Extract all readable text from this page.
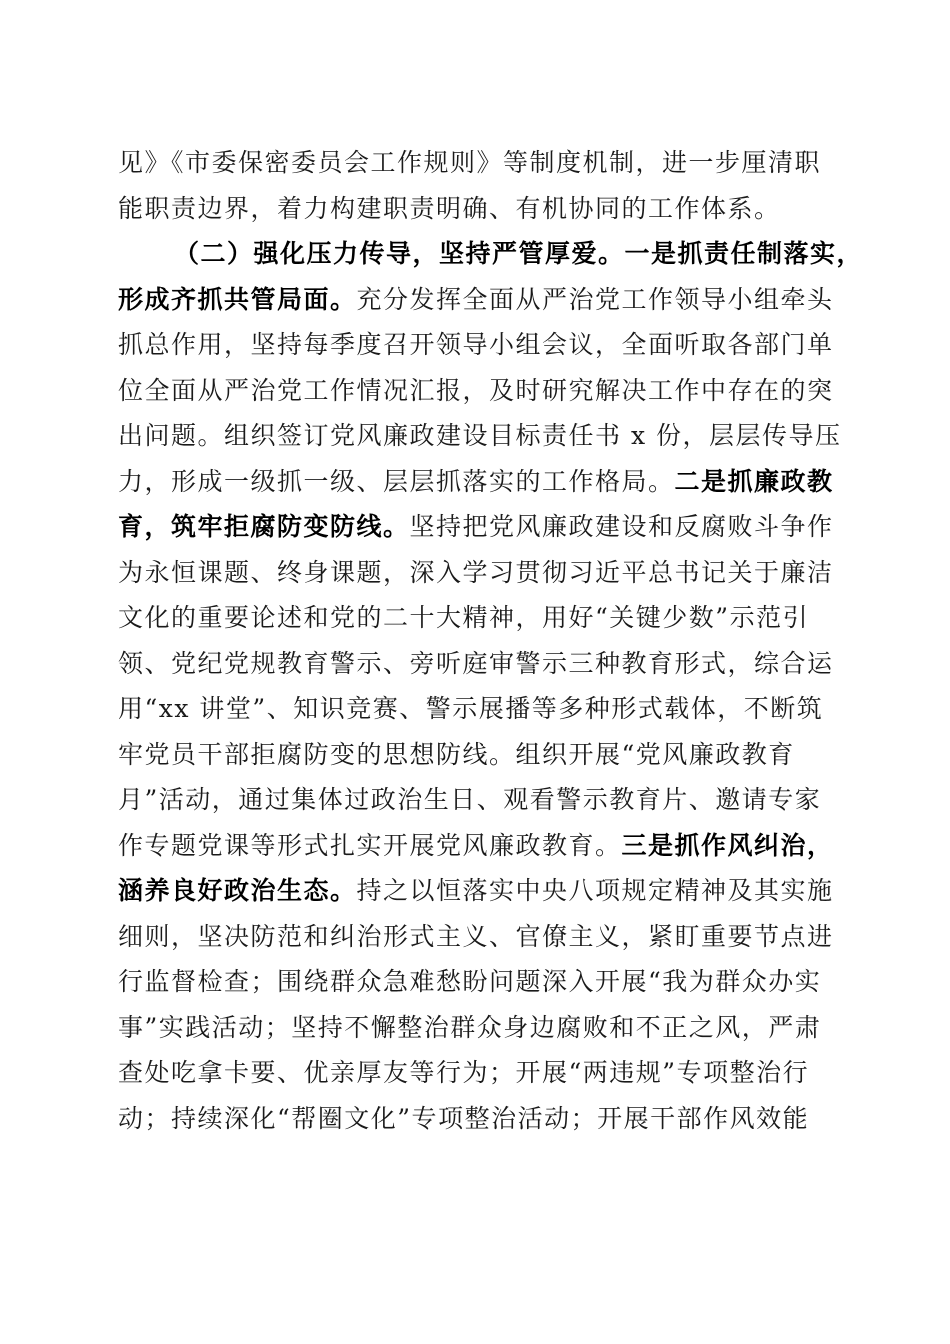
见》《市委保密委员会工作规则》等制度机制，进一步厘清职
能职责边界，着力构建职责明确、有机协同的工作体系。
（二）强化压力传导，坚持严管厚爱。一是抓责任制落实，
形成齐抓共管局面。充分发挥全面从严治党工作领导小组牵头
抓总作用，坚持每季度召开领导小组会议，全面听取各部门单
位全面从严治党工作情况汇报，及时研究解决工作中存在的突
出问题。组织签订党风廉政建设目标责任书 x 份，层层传导压
力，形成一级抓一级、层层抓落实的工作格局。二是抓廉政教
育，筑牢拒腐防变防线。坚持把党风廉政建设和反腐败斗争作
为永恒课题、终身课题，深入学习贯彻习近平总书记关于廉洁
文化的重要论述和党的二十大精神，用好“关键少数”示范引
领、党纪党规教育警示、旁听庭审警示三种教育形式，综合运
用“xx 讲堂”、知识竞赛、警示展播等多种形式载体，不断筑
牢党员干部拒腐防变的思想防线。组织开展“党风廉政教育
月”活动，通过集体过政治生日、观看警示教育片、邀请专家
作专题党课等形式扎实开展党风廉政教育。三是抓作风纠治，
涵养良好政治生态。持之以恒落实中央八项规定精神及其实施
细则，坚决防范和纠治形式主义、官僚主义，紧盯重要节点进
行监督检查；围绕群众急难愁盼问题深入开展“我为群众办实
事”实践活动；坚持不懈整治群众身边腐败和不正之风，严肃
查处吃拿卡要、优亲厚友等行为；开展“两违规”专项整治行
动；持续深化“帮圈文化”专项整治活动；开展干部作风效能
